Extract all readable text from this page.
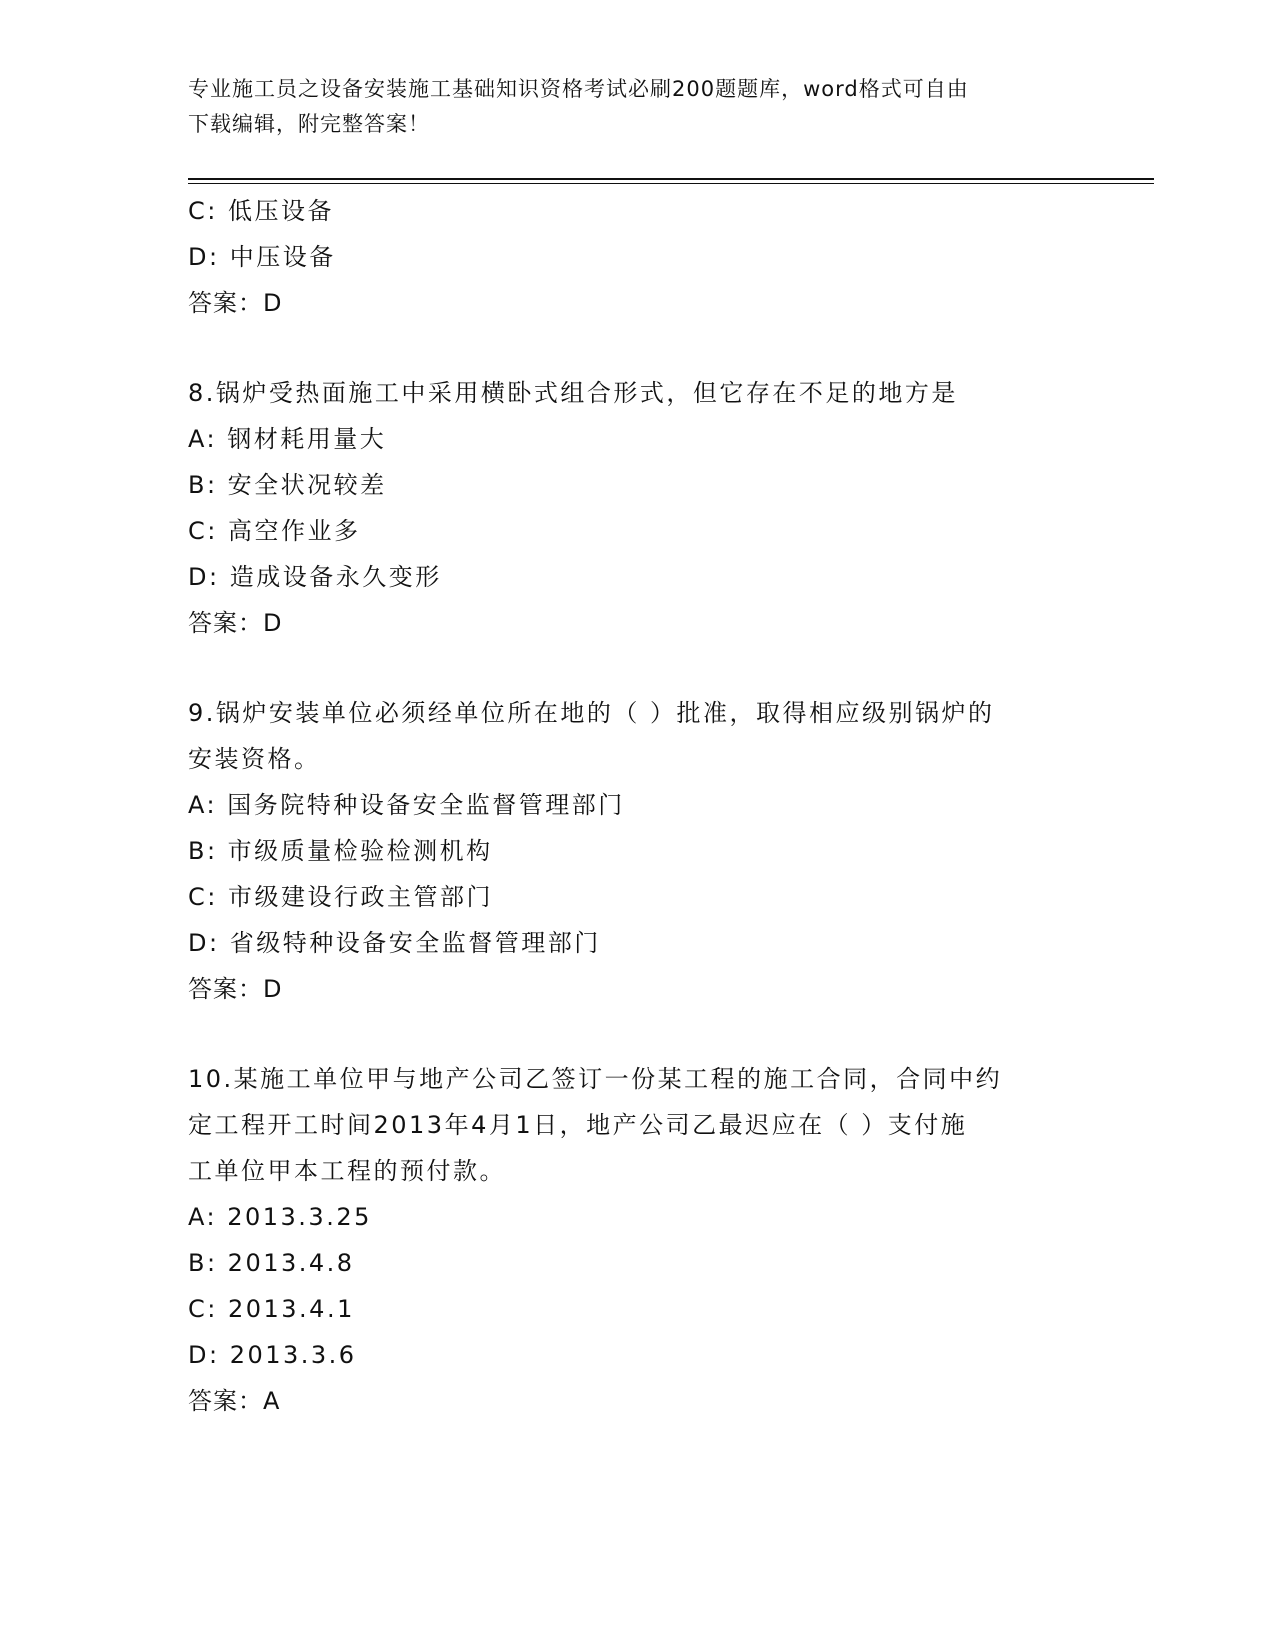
专业施工员之设备安装施工基础知识资格考试必刷200题题库，word格式可自由
下载编辑，附完整答案！
C: 低压设备
D: 中压设备
答案：D
8.锅炉受热面施工中采用横卧式组合形式，但它存在不足的地方是
A: 钢材耗用量大
B: 安全状况较差
C: 高空作业多
D: 造成设备永久变形
答案：D
9.锅炉安装单位必须经单位所在地的（ ）批准，取得相应级别锅炉的
安装资格。
A: 国务院特种设备安全监督管理部门
B: 市级质量检验检测机构
C: 市级建设行政主管部门
D: 省级特种设备安全监督管理部门
答案：D
10.某施工单位甲与地产公司乙签订一份某工程的施工合同，合同中约
定工程开工时间2013年4月1日，地产公司乙最迟应在（ ）支付施
工单位甲本工程的预付款。
A: 2013.3.25
B: 2013.4.8
C: 2013.4.1
D: 2013.3.6
答案：A
